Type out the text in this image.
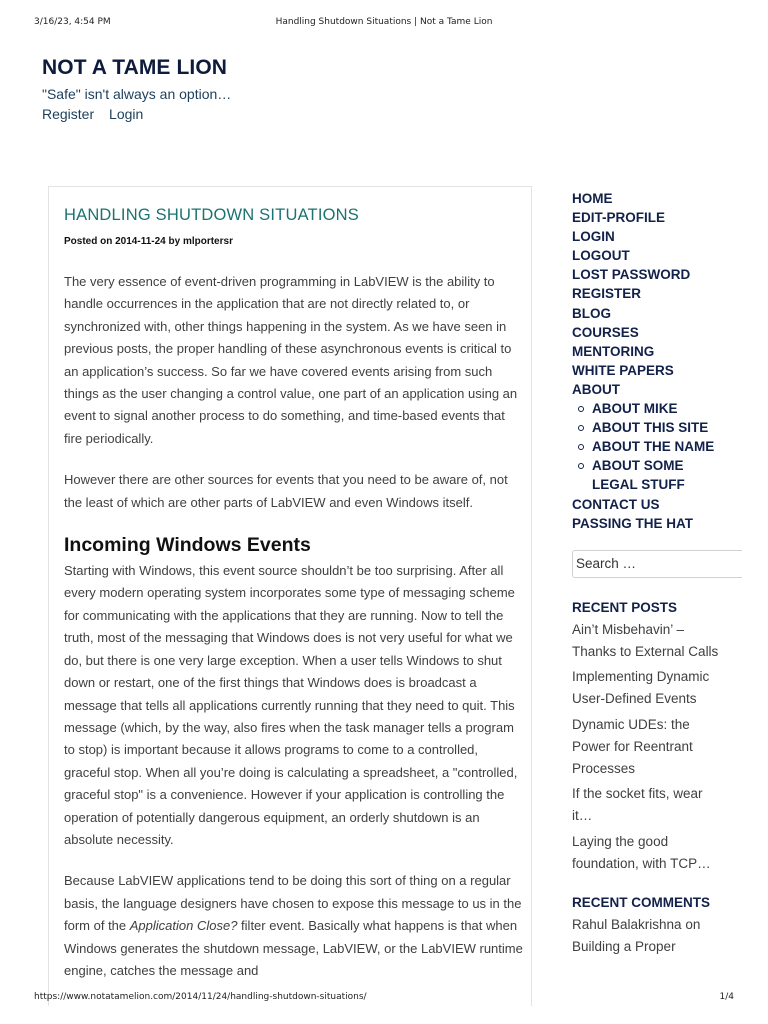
3/16/23, 4:54 PM	Handling Shutdown Situations | Not a Tame Lion
NOT A TAME LION
"Safe" isn't always an option…
Register Login
HANDLING SHUTDOWN SITUATIONS
Posted on 2014-11-24 by mlportersr

The very essence of event-driven programming in LabVIEW is the ability to handle occurrences in the application that are not directly related to, or synchronized with, other things happening in the system. As we have seen in previous posts, the proper handling of these asynchronous events is critical to an application’s success. So far we have covered events arising from such things as the user changing a control value, one part of an application using an event to signal another process to do something, and time-based events that fire periodically.

However there are other sources for events that you need to be aware of, not the least of which are other parts of LabVIEW and even Windows itself.

Incoming Windows Events

Starting with Windows, this event source shouldn’t be too surprising. After all every modern operating system incorporates some type of messaging scheme for communicating with the applications that they are running. Now to tell the truth, most of the messaging that Windows does is not very useful for what we do, but there is one very large exception. When a user tells Windows to shut down or restart, one of the first things that Windows does is broadcast a message that tells all applications currently running that they need to quit. This message (which, by the way, also fires when the task manager tells a program to stop) is important because it allows programs to come to a controlled, graceful stop. When all you’re doing is calculating a spreadsheet, a "controlled, graceful stop" is a convenience. However if your application is controlling the operation of potentially dangerous equipment, an orderly shutdown is an absolute necessity.

Because LabVIEW applications tend to be doing this sort of thing on a regular basis, the language designers have chosen to expose this message to us in the form of the Application Close? filter event. Basically what happens is that when Windows generates the shutdown message, LabVIEW, or the LabVIEW runtime engine, catches the message and

HOME
EDIT-PROFILE
LOGIN
LOGOUT
LOST PASSWORD
REGISTER
BLOG
COURSES
MENTORING
WHITE PAPERS
ABOUT
ABOUT MIKE
ABOUT THIS SITE
ABOUT THE NAME
ABOUT SOME LEGAL STUFF
CONTACT US
PASSING THE HAT
Search …
RECENT POSTS
Ain’t Misbehavin’ – Thanks to External Calls
Implementing Dynamic User-Defined Events
Dynamic UDEs: the Power for Reentrant Processes
If the socket fits, wear it…
Laying the good foundation, with TCP…
RECENT COMMENTS
Rahul Balakrishna on Building a Proper
https://www.notatamelion.com/2014/11/24/handling-shutdown-situations/	1/4
